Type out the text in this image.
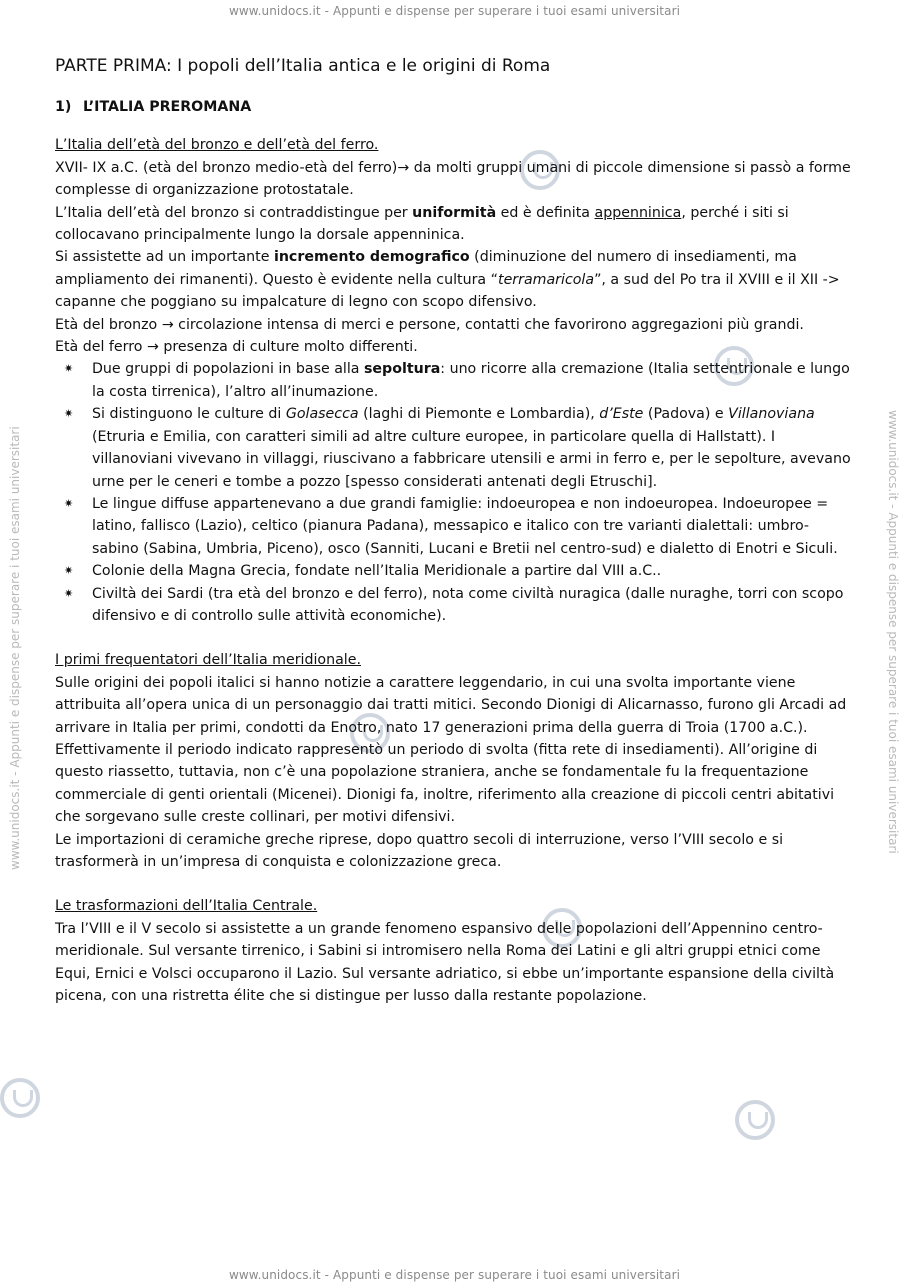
www.unidocs.it - Appunti e dispense per superare i tuoi esami universitari
www.unidocs.it - Appunti e dispense per superare i tuoi esami universitari
www.unidocs.it - Appunti e dispense per superare i tuoi esami universitari	www.unidocs.it - Appunti e dispense per superare i tuoi esami universitari
PARTE PRIMA: I popoli dell’Italia antica e le origini di Roma
1) L’ITALIA PREROMANA

L’Italia dell’età del bronzo e dell’età del ferro.

XVII- IX a.C. (età del bronzo medio-età del ferro)→ da molti gruppi umani di piccole dimensione si passò a forme complesse di organizzazione protostatale.

L’Italia dell’età del bronzo si contraddistingue per uniformità ed è definita appenninica, perché i siti si collocavano principalmente lungo la dorsale appenninica.

Si assistette ad un importante incremento demografico (diminuzione del numero di insediamenti, ma ampliamento dei rimanenti). Questo è evidente nella cultura “terramaricola”, a sud del Po tra il XVIII e il XII -> capanne che poggiano su impalcature di legno con scopo difensivo.

Età del bronzo → circolazione intensa di merci e persone, contatti che favorirono aggregazioni più grandi.

Età del ferro → presenza di culture molto differenti.

✷ Due gruppi di popolazioni in base alla sepoltura: uno ricorre alla cremazione (Italia settentrionale e lungo la costa tirrenica), l’altro all’inumazione.
✷ Si distinguono le culture di Golasecca (laghi di Piemonte e Lombardia), d’Este (Padova) e Villanoviana (Etruria e Emilia, con caratteri simili ad altre culture europee, in particolare quella di Hallstatt). I villanoviani vivevano in villaggi, riuscivano a fabbricare utensili e armi in ferro e, per le sepolture, avevano urne per le ceneri e tombe a pozzo [spesso considerati antenati degli Etruschi].
✷ Le lingue diffuse appartenevano a due grandi famiglie: indoeuropea e non indoeuropea. Indoeuropee = latino, fallisco (Lazio), celtico (pianura Padana), messapico e italico con tre varianti dialettali: umbro-sabino (Sabina, Umbria, Piceno), osco (Sanniti, Lucani e Bretii nel centro-sud) e dialetto di Enotri e Siculi.
✷ Colonie della Magna Grecia, fondate nell’Italia Meridionale a partire dal VIII a.C..
✷ Civiltà dei Sardi (tra età del bronzo e del ferro), nota come civiltà nuragica (dalle nuraghe, torri con scopo difensivo e di controllo sulle attività economiche).

I primi frequentatori dell’Italia meridionale.

Sulle origini dei popoli italici si hanno notizie a carattere leggendario, in cui una svolta importante viene attribuita all’opera unica di un personaggio dai tratti mitici. Secondo Dionigi di Alicarnasso, furono gli Arcadi ad arrivare in Italia per primi, condotti da Enotro, nato 17 generazioni prima della guerra di Troia (1700 a.C.). Effettivamente il periodo indicato rappresentò un periodo di svolta (fitta rete di insediamenti). All’origine di questo riassetto, tuttavia, non c’è una popolazione straniera, anche se fondamentale fu la frequentazione commerciale di genti orientali (Micenei). Dionigi fa, inoltre, riferimento alla creazione di piccoli centri abitativi che sorgevano sulle creste collinari, per motivi difensivi.

Le importazioni di ceramiche greche riprese, dopo quattro secoli di interruzione, verso l’VIII secolo e si trasformerà in un’impresa di conquista e colonizzazione greca.

Le trasformazioni dell’Italia Centrale.

Tra l’VIII e il V secolo si assistette a un grande fenomeno espansivo delle popolazioni dell’Appennino centro-meridionale. Sul versante tirrenico, i Sabini si intromisero nella Roma dei Latini e gli altri gruppi etnici come Equi, Ernici e Volsci occuparono il Lazio. Sul versante adriatico, si ebbe un’importante espansione della civiltà picena, con una ristretta élite che si distingue per lusso dalla restante popolazione.
